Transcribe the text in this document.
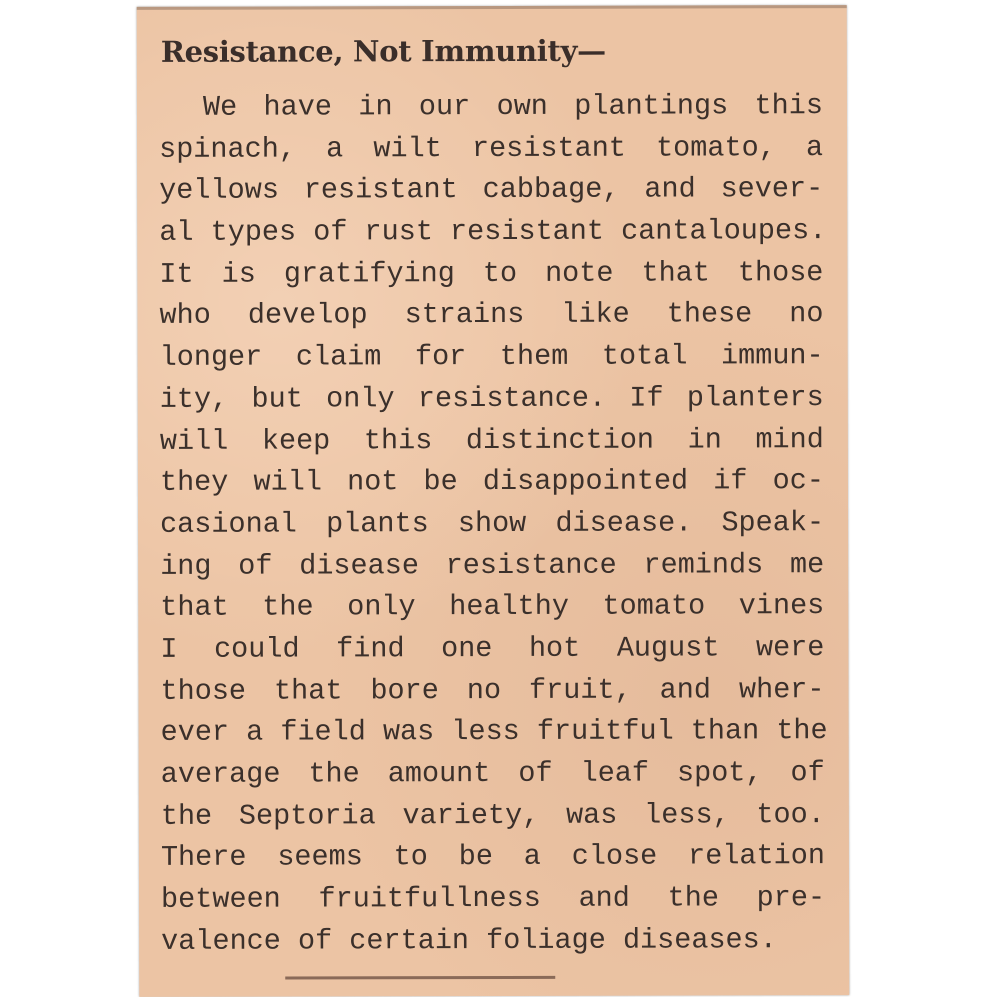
Resistance, Not Immunity—
We have in our own plantings this
spinach, a wilt resistant tomato, a
yellows resistant cabbage, and sever-
al types of rust resistant cantaloupes.
It is gratifying to note that those
who develop strains like these no
longer claim for them total immun-
ity, but only resistance. If planters
will keep this distinction in mind
they will not be disappointed if oc-
casional plants show disease. Speak-
ing of disease resistance reminds me
that the only healthy tomato vines
I could find one hot August were
those that bore no fruit, and wher-
ever a field was less fruitful than the
average the amount of leaf spot, of
the Septoria variety, was less, too.
There seems to be a close relation
between fruitfullness and the pre-
valence of certain foliage diseases.
